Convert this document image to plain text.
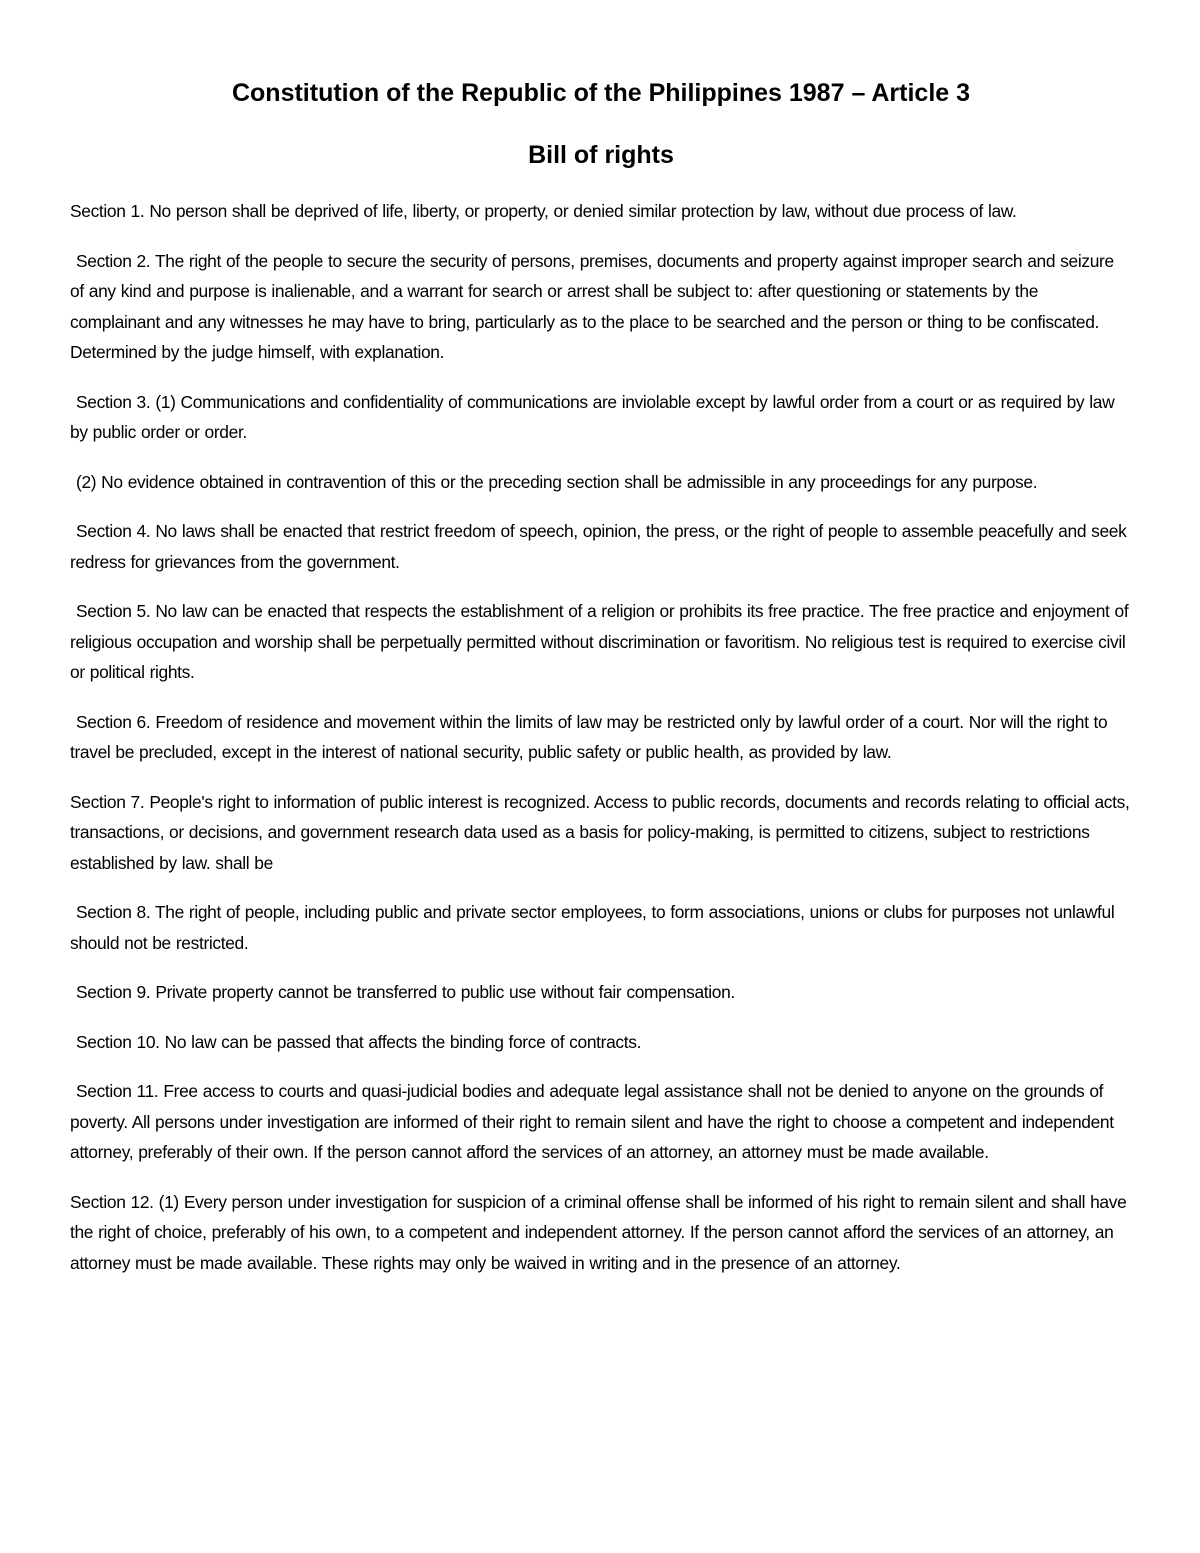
Constitution of the Republic of the Philippines 1987 – Article 3
Bill of rights

Section 1. No person shall be deprived of life, liberty, or property, or denied similar protection by law, without due process of law.

Section 2. The right of the people to secure the security of persons, premises, documents and property against improper search and seizure of any kind and purpose is inalienable, and a warrant for search or arrest shall be subject to: after questioning or statements by the complainant and any witnesses he may have to bring, particularly as to the place to be searched and the person or thing to be confiscated. Determined by the judge himself, with explanation.

Section 3. (1) Communications and confidentiality of communications are inviolable except by lawful order from a court or as required by law by public order or order.

(2) No evidence obtained in contravention of this or the preceding section shall be admissible in any proceedings for any purpose.

Section 4. No laws shall be enacted that restrict freedom of speech, opinion, the press, or the right of people to assemble peacefully and seek redress for grievances from the government.

Section 5. No law can be enacted that respects the establishment of a religion or prohibits its free practice. The free practice and enjoyment of religious occupation and worship shall be perpetually permitted without discrimination or favoritism. No religious test is required to exercise civil or political rights.

Section 6. Freedom of residence and movement within the limits of law may be restricted only by lawful order of a court. Nor will the right to travel be precluded, except in the interest of national security, public safety or public health, as provided by law.

Section 7. People's right to information of public interest is recognized. Access to public records, documents and records relating to official acts, transactions, or decisions, and government research data used as a basis for policy-making, is permitted to citizens, subject to restrictions established by law. shall be

Section 8. The right of people, including public and private sector employees, to form associations, unions or clubs for purposes not unlawful should not be restricted.

Section 9. Private property cannot be transferred to public use without fair compensation.

Section 10. No law can be passed that affects the binding force of contracts.

Section 11. Free access to courts and quasi-judicial bodies and adequate legal assistance shall not be denied to anyone on the grounds of poverty. All persons under investigation are informed of their right to remain silent and have the right to choose a competent and independent attorney, preferably of their own. If the person cannot afford the services of an attorney, an attorney must be made available.

Section 12. (1) Every person under investigation for suspicion of a criminal offense shall be informed of his right to remain silent and shall have the right of choice, preferably of his own, to a competent and independent attorney. If the person cannot afford the services of an attorney, an attorney must be made available. These rights may only be waived in writing and in the presence of an attorney.
